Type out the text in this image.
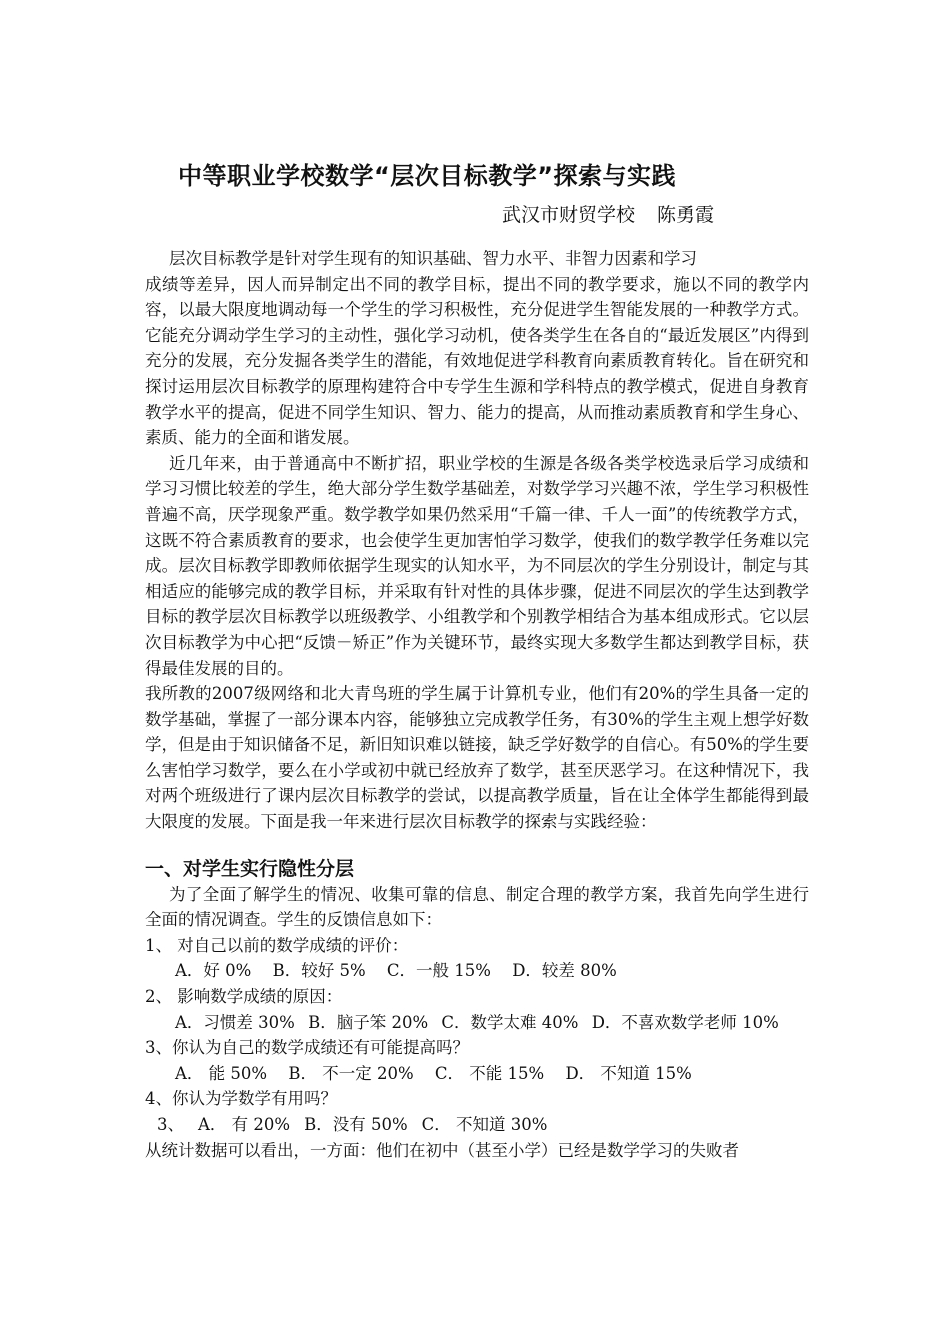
中等职业学校数学“层次目标教学”探索与实践
武汉市财贸学校 陈勇霞

层次目标教学是针对学生现有的知识基础、智力水平、非智力因素和学习

成绩等差异，因人而异制定出不同的教学目标，提出不同的教学要求，施以不同的教学内容，以最大限度地调动每一个学生的学习积极性，充分促进学生智能发展的一种教学方式。它能充分调动学生学习的主动性，强化学习动机，使各类学生在各自的“最近发展区”内得到充分的发展，充分发掘各类学生的潜能，有效地促进学科教育向素质教育转化。旨在研究和探讨运用层次目标教学的原理构建符合中专学生生源和学科特点的教学模式，促进自身教育教学水平的提高，促进不同学生知识、智力、能力的提高，从而推动素质教育和学生身心、素质、能力的全面和谐发展。

近几年来，由于普通高中不断扩招，职业学校的生源是各级各类学校选录后学习成绩和学习习惯比较差的学生，绝大部分学生数学基础差，对数学学习兴趣不浓，学生学习积极性普遍不高，厌学现象严重。数学教学如果仍然采用“千篇一律、千人一面”的传统教学方式，这既不符合素质教育的要求，也会使学生更加害怕学习数学，使我们的数学教学任务难以完成。层次目标教学即教师依据学生现实的认知水平，为不同层次的学生分别设计，制定与其相适应的能够完成的教学目标，并采取有针对性的具体步骤，促进不同层次的学生达到教学目标的教学层次目标教学以班级教学、小组教学和个别教学相结合为基本组成形式。它以层次目标教学为中心把“反馈－矫正”作为关键环节，最终实现大多数学生都达到教学目标，获得最佳发展的目的。

我所教的2007级网络和北大青鸟班的学生属于计算机专业，他们有20%的学生具备一定的数学基础，掌握了一部分课本内容，能够独立完成教学任务，有30%的学生主观上想学好数学，但是由于知识储备不足，新旧知识难以链接，缺乏学好数学的自信心。有50%的学生要么害怕学习数学，要么在小学或初中就已经放弃了数学，甚至厌恶学习。在这种情况下，我对两个班级进行了课内层次目标教学的尝试，以提高教学质量，旨在让全体学生都能得到最大限度的发展。下面是我一年来进行层次目标教学的探索与实践经验：

一、对学生实行隐性分层

为了全面了解学生的情况、收集可靠的信息、制定合理的教学方案，我首先向学生进行全面的情况调查。学生的反馈信息如下：

1、 对自己以前的数学成绩的评价：

A．好 0% B．较好 5% C．一般 15% D．较差 80%

2、 影响数学成绩的原因：

A．习惯差 30% B．脑子笨 20% C．数学太难 40% D．不喜欢数学老师 10%

3、你认为自己的数学成绩还有可能提高吗？

A． 能 50% B． 不一定 20% C． 不能 15% D． 不知道 15%

4、你认为学数学有用吗？

3、 A． 有 20% B．没有 50% C． 不知道 30%

从统计数据可以看出，一方面：他们在初中（甚至小学）已经是数学学习的失败者
